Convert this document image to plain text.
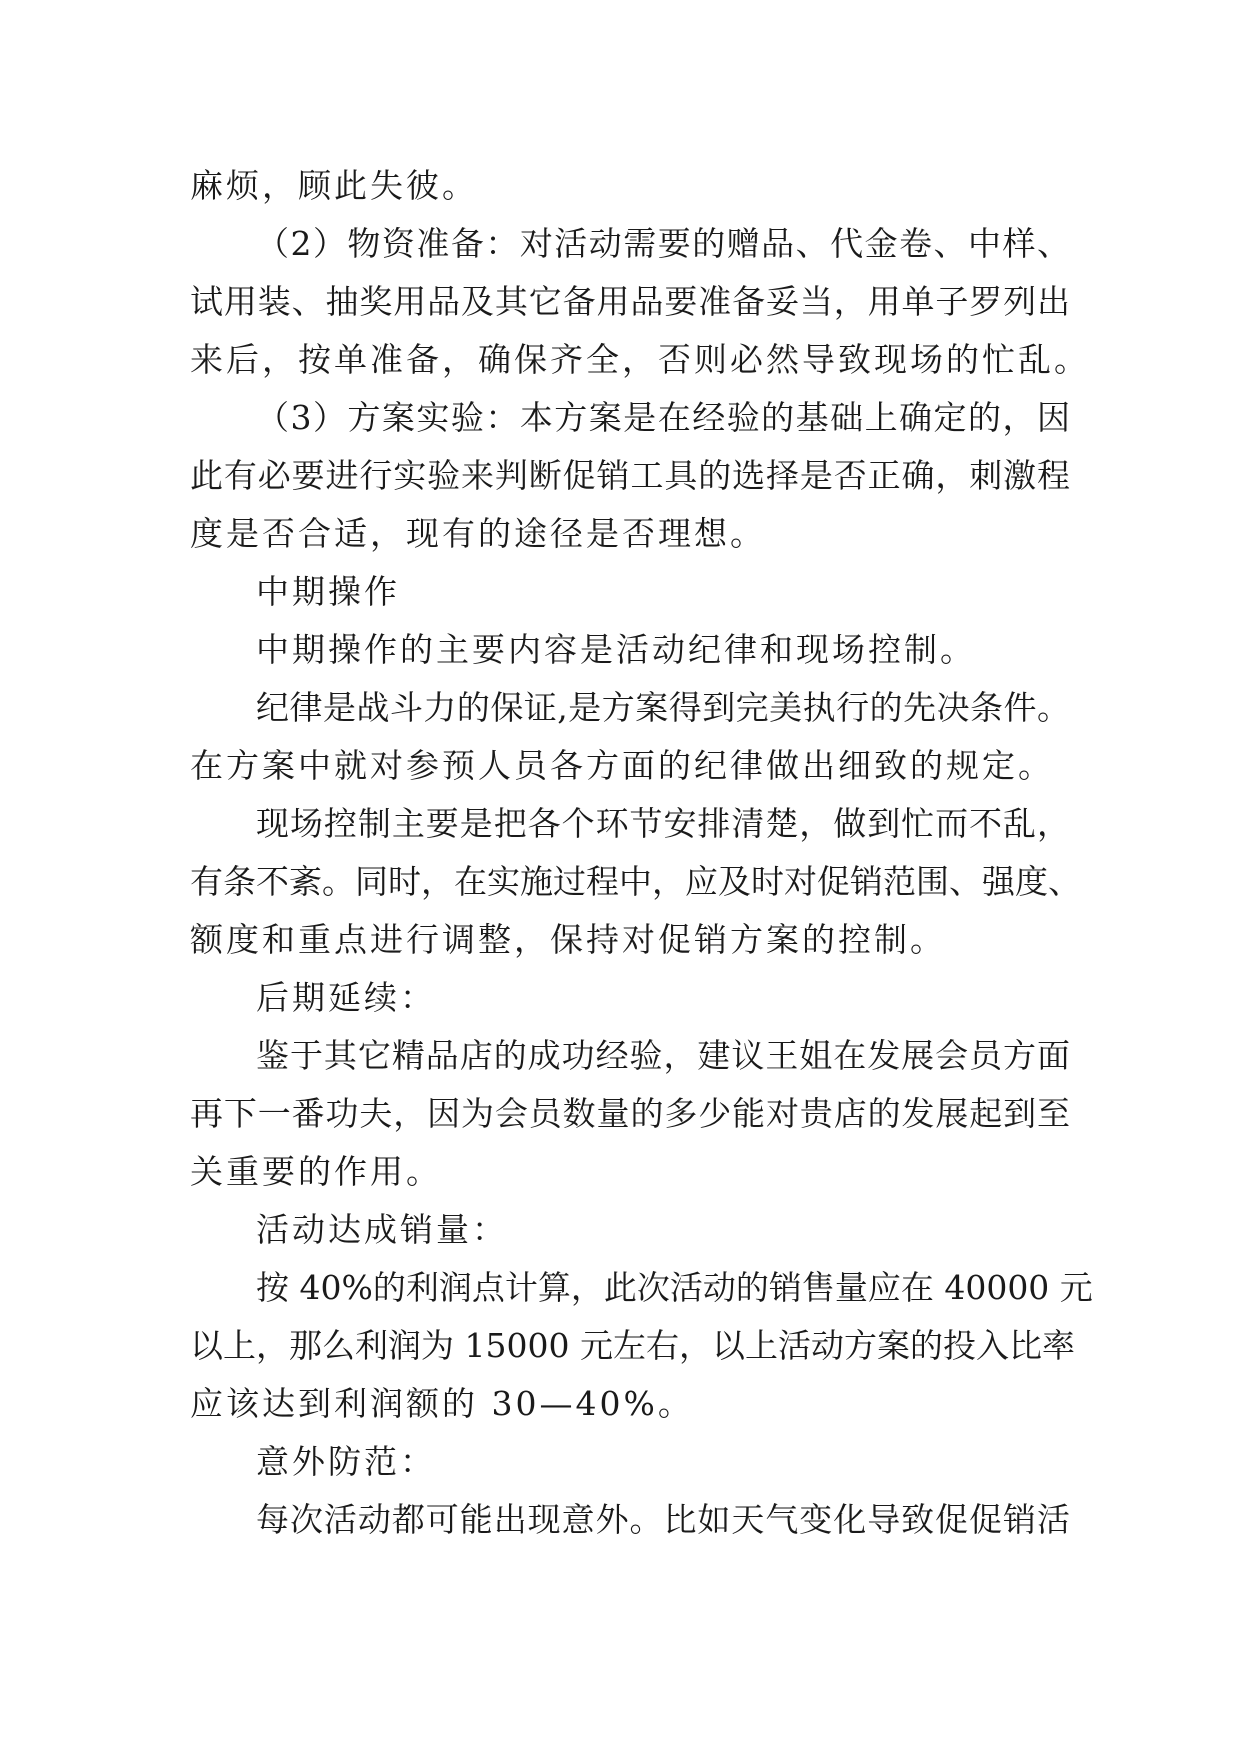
麻烦，顾此失彼。
（2）物资准备：对活动需要的赠品、代金卷、中样、
试用装、抽奖用品及其它备用品要准备妥当，用单子罗列出
来后，按单准备，确保齐全，否则必然导致现场的忙乱。
（3）方案实验：本方案是在经验的基础上确定的，因
此有必要进行实验来判断促销工具的选择是否正确，刺激程
度是否合适，现有的途径是否理想。
中期操作
中期操作的主要内容是活动纪律和现场控制。
纪律是战斗力的保证,是方案得到完美执行的先决条件。
在方案中就对参预人员各方面的纪律做出细致的规定。
现场控制主要是把各个环节安排清楚，做到忙而不乱，
有条不紊。同时，在实施过程中，应及时对促销范围、强度、
额度和重点进行调整，保持对促销方案的控制。
后期延续：
鉴于其它精品店的成功经验，建议王姐在发展会员方面
再下一番功夫，因为会员数量的多少能对贵店的发展起到至
关重要的作用。
活动达成销量：
按 40%的利润点计算，此次活动的销售量应在 40000 元
以上，那么利润为 15000 元左右，以上活动方案的投入比率
应该达到利润额的 30—40%。
意外防范：
每次活动都可能出现意外。比如天气变化导致促促销活
